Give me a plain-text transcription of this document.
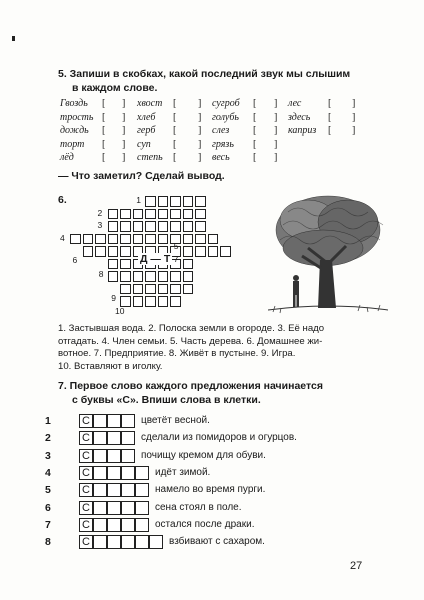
5. Запиши в скобках, какой последний звук мы слышим
в каждом слове.
Гвоздь [ ] хвост [ ] сугроб [ ] лес	[ ]
трость [ ] хлеб [ ] голубь [ ] здесь [ ]
дождь [ ] герб [ ] слез [ ] каприз [ ]
торт [ ] суп [ ] грязь [ ]
лёд	[ ] степь [ ] весь [ ]
— Что заметил? Сделай вывод.
6.	1
2
3
4
5
6	7
8
9
10
Д — Т
1. Застывшая вода. 2. Полоска земли в огороде. 3. Её надо
отгадать. 4. Член семьи. 5. Часть дерева. 6. Домашнее жи-
вотное. 7. Предприятие. 8. Живёт в пустыне. 9. Игра.
10. Вставляют в иголку.
7. Первое слово каждого предложения начинается
с буквы «С». Впиши слова в клетки.
1	С	цветёт весной.
2	С	сделали из помидоров и огурцов.
3	С	почищу кремом для обуви.
4	С	идёт зимой.
5	С	намело во время пурги.
6	С	сена стоял в поле.
7	С	остался после драки.
8	С	взбивают с сахаром.
27
